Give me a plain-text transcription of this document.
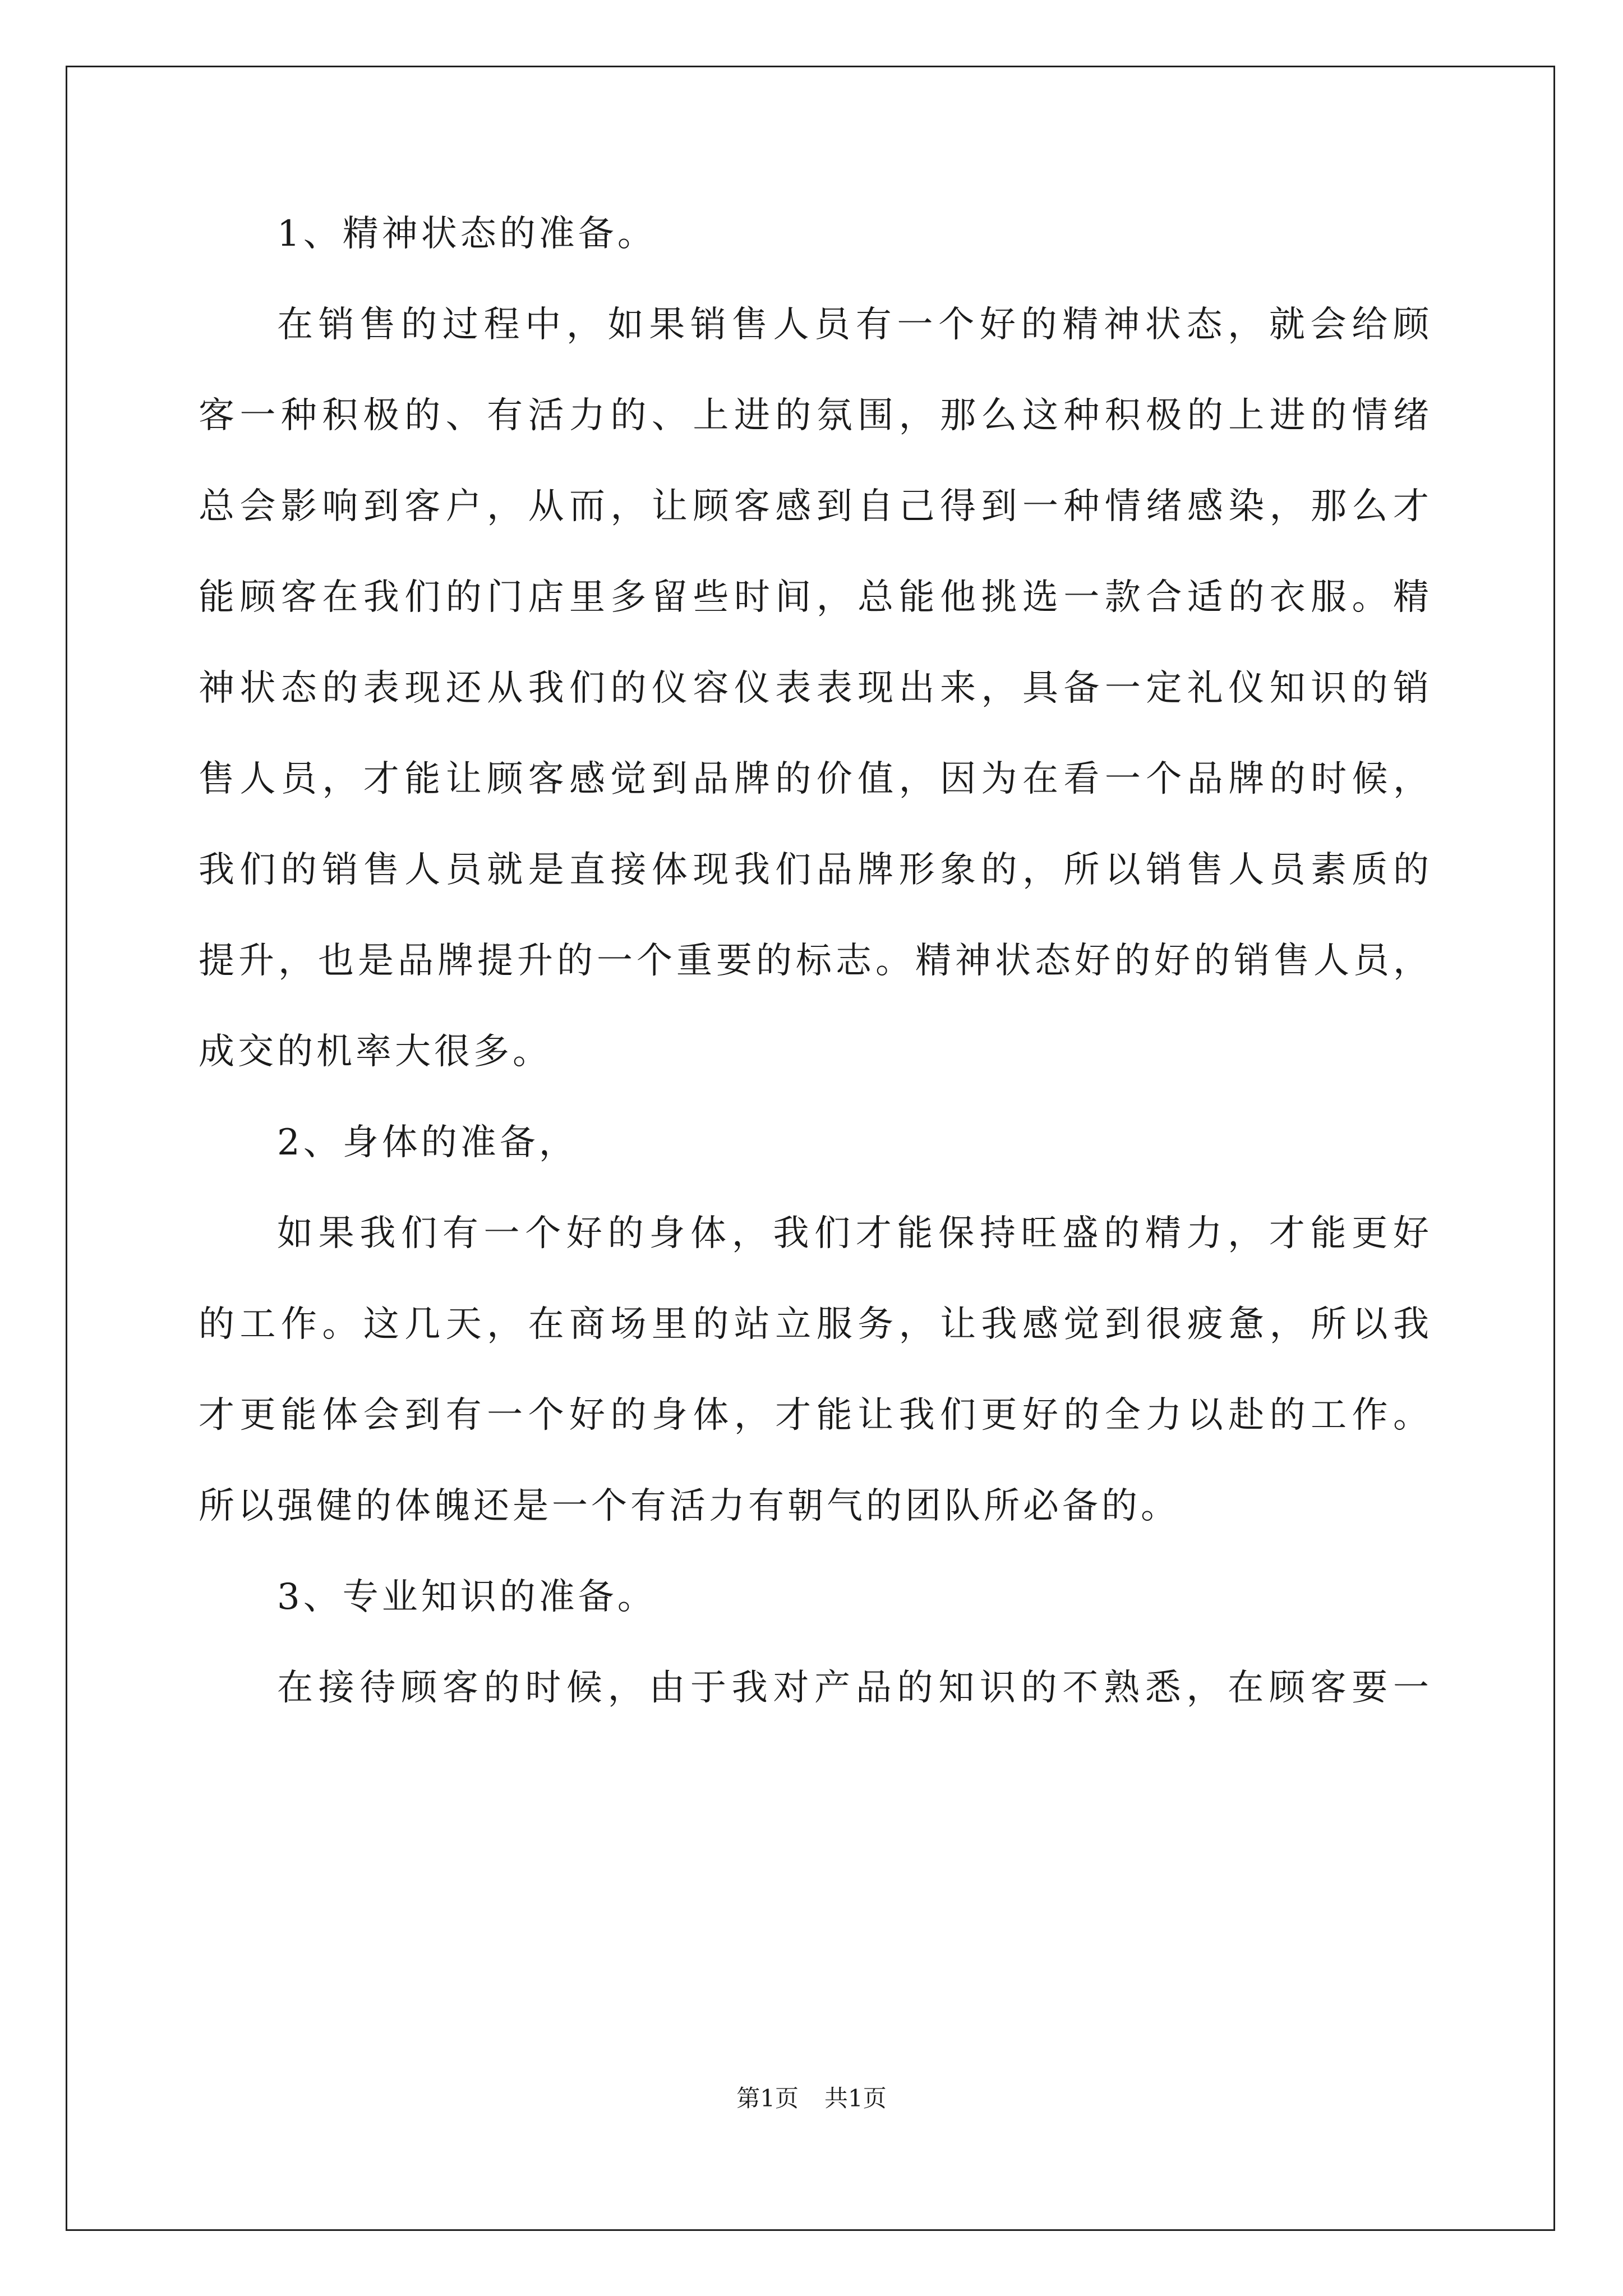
1、精神状态的准备。

在销售的过程中，如果销售人员有一个好的精神状态，就会给顾

客一种积极的、有活力的、上进的氛围，那么这种积极的上进的情绪

总会影响到客户，从而，让顾客感到自己得到一种情绪感染，那么才

能顾客在我们的门店里多留些时间，总能他挑选一款合适的衣服。精

神状态的表现还从我们的仪容仪表表现出来，具备一定礼仪知识的销

售人员，才能让顾客感觉到品牌的价值，因为在看一个品牌的时候，

我们的销售人员就是直接体现我们品牌形象的，所以销售人员素质的

提升，也是品牌提升的一个重要的标志。精神状态好的好的销售人员，

成交的机率大很多。

2、身体的准备，

如果我们有一个好的身体，我们才能保持旺盛的精力，才能更好

的工作。这几天，在商场里的站立服务，让我感觉到很疲惫，所以我

才更能体会到有一个好的身体，才能让我们更好的全力以赴的工作。

所以强健的体魄还是一个有活力有朝气的团队所必备的。

3、专业知识的准备。

在接待顾客的时候，由于我对产品的知识的不熟悉，在顾客要一

第1页 共1页
